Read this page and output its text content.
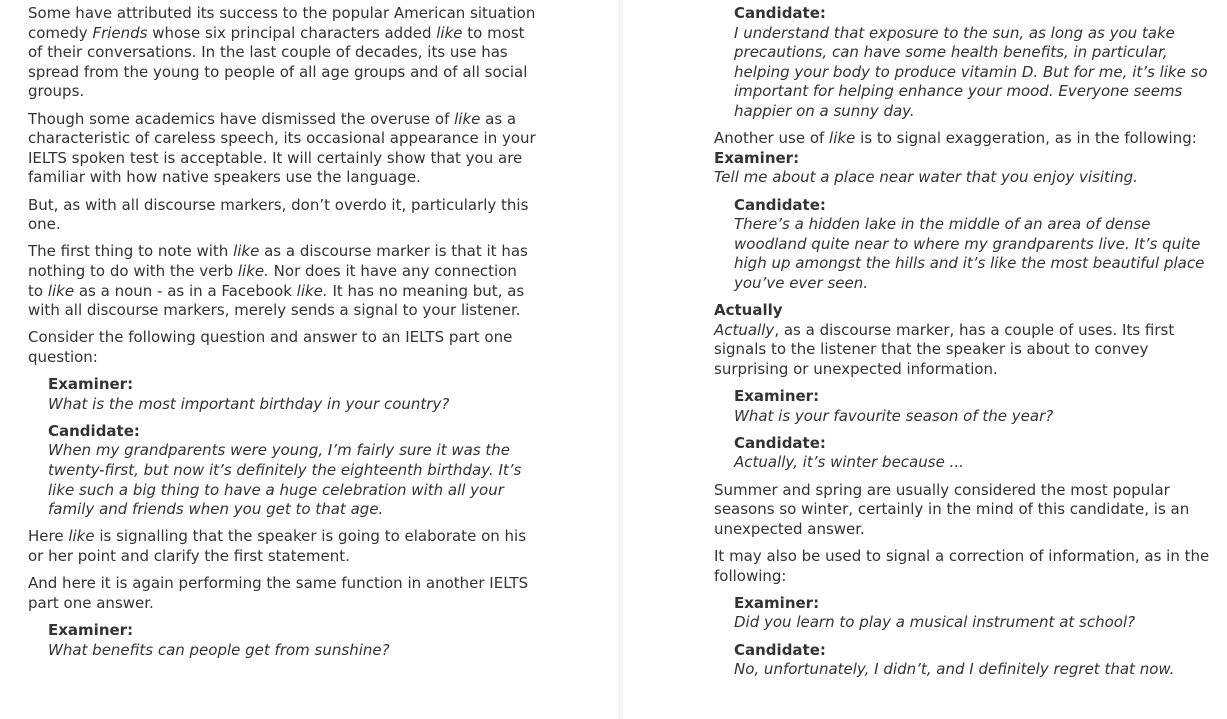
Some have attributed its success to the popular American situation comedy Friends whose six principal characters added like to most of their conversations. In the last couple of decades, its use has spread from the young to people of all age groups and of all social groups.

Though some academics have dismissed the overuse of like as a characteristic of careless speech, its occasional appearance in your IELTS spoken test is acceptable. It will certainly show that you are familiar with how native speakers use the language.

But, as with all discourse markers, don’t overdo it, particularly this one.

The first thing to note with like as a discourse marker is that it has nothing to do with the verb like. Nor does it have any connection to like as a noun - as in a Facebook like. It has no meaning but, as with all discourse markers, merely sends a signal to your listener.

Consider the following question and answer to an IELTS part one question:

Examiner:
What is the most important birthday in your country?
Candidate:
When my grandparents were young, I’m fairly sure it was the twenty-first, but now it’s definitely the eighteenth birthday. It’s like such a big thing to have a huge celebration with all your family and friends when you get to that age.

Here like is signalling that the speaker is going to elaborate on his or her point and clarify the first statement.

And here it is again performing the same function in another IELTS part one answer.

Examiner:
What benefits can people get from sunshine?
Candidate:
I understand that exposure to the sun, as long as you take precautions, can have some health benefits, in particular, helping your body to produce vitamin D. But for me, it’s like so important for helping enhance your mood. Everyone seems happier on a sunny day.
Another use of like is to signal exaggeration, as in the following: Examiner:
Tell me about a place near water that you enjoy visiting.
Candidate:
There’s a hidden lake in the middle of an area of dense woodland quite near to where my grandparents live. It’s quite high up amongst the hills and it’s like the most beautiful place you’ve ever seen.
Actually

Actually, as a discourse marker, has a couple of uses. Its first signals to the listener that the speaker is about to convey surprising or unexpected information.

Examiner:
What is your favourite season of the year?
Candidate:
Actually, it’s winter because ...

Summer and spring are usually considered the most popular seasons so winter, certainly in the mind of this candidate, is an unexpected answer.

It may also be used to signal a correction of information, as in the following:

Examiner:
Did you learn to play a musical instrument at school?
Candidate:
No, unfortunately, I didn’t, and I definitely regret that now.
